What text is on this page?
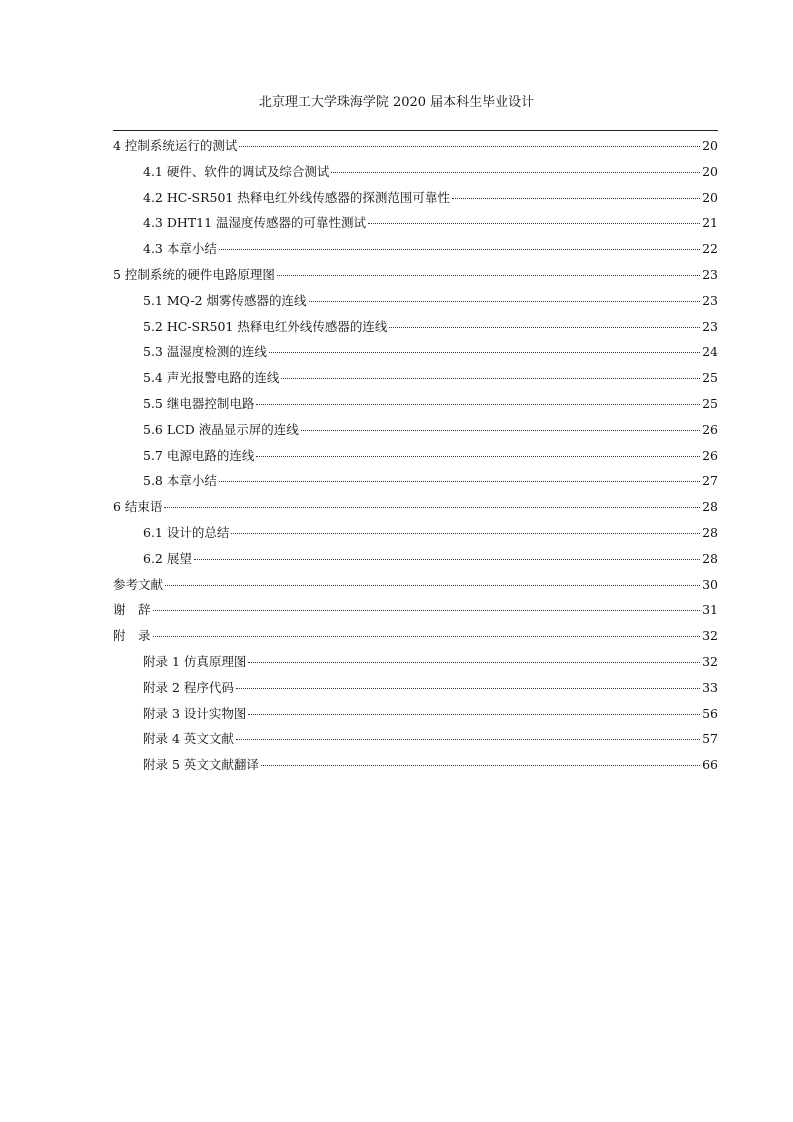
北京理工大学珠海学院 2020 届本科生毕业设计
4 控制系统运行的测试	20
4.1 硬件、软件的调试及综合测试	20
4.2 HC-SR501 热释电红外线传感器的探测范围可靠性	20
4.3 DHT11 温湿度传感器的可靠性测试	21
4.3 本章小结	22
5 控制系统的硬件电路原理图	23
5.1 MQ-2 烟雾传感器的连线	23
5.2 HC-SR501 热释电红外线传感器的连线	23
5.3 温湿度检测的连线	24
5.4 声光报警电路的连线	25
5.5 继电器控制电路	25
5.6 LCD 液晶显示屏的连线	26
5.7 电源电路的连线	26
5.8 本章小结	27
6 结束语	28
6.1 设计的总结	28
6.2 展望	28
参考文献	30
谢　辞	31
附　录	32
附录 1 仿真原理图	32
附录 2 程序代码	33
附录 3 设计实物图	56
附录 4 英文文献	57
附录 5 英文文献翻译	66
